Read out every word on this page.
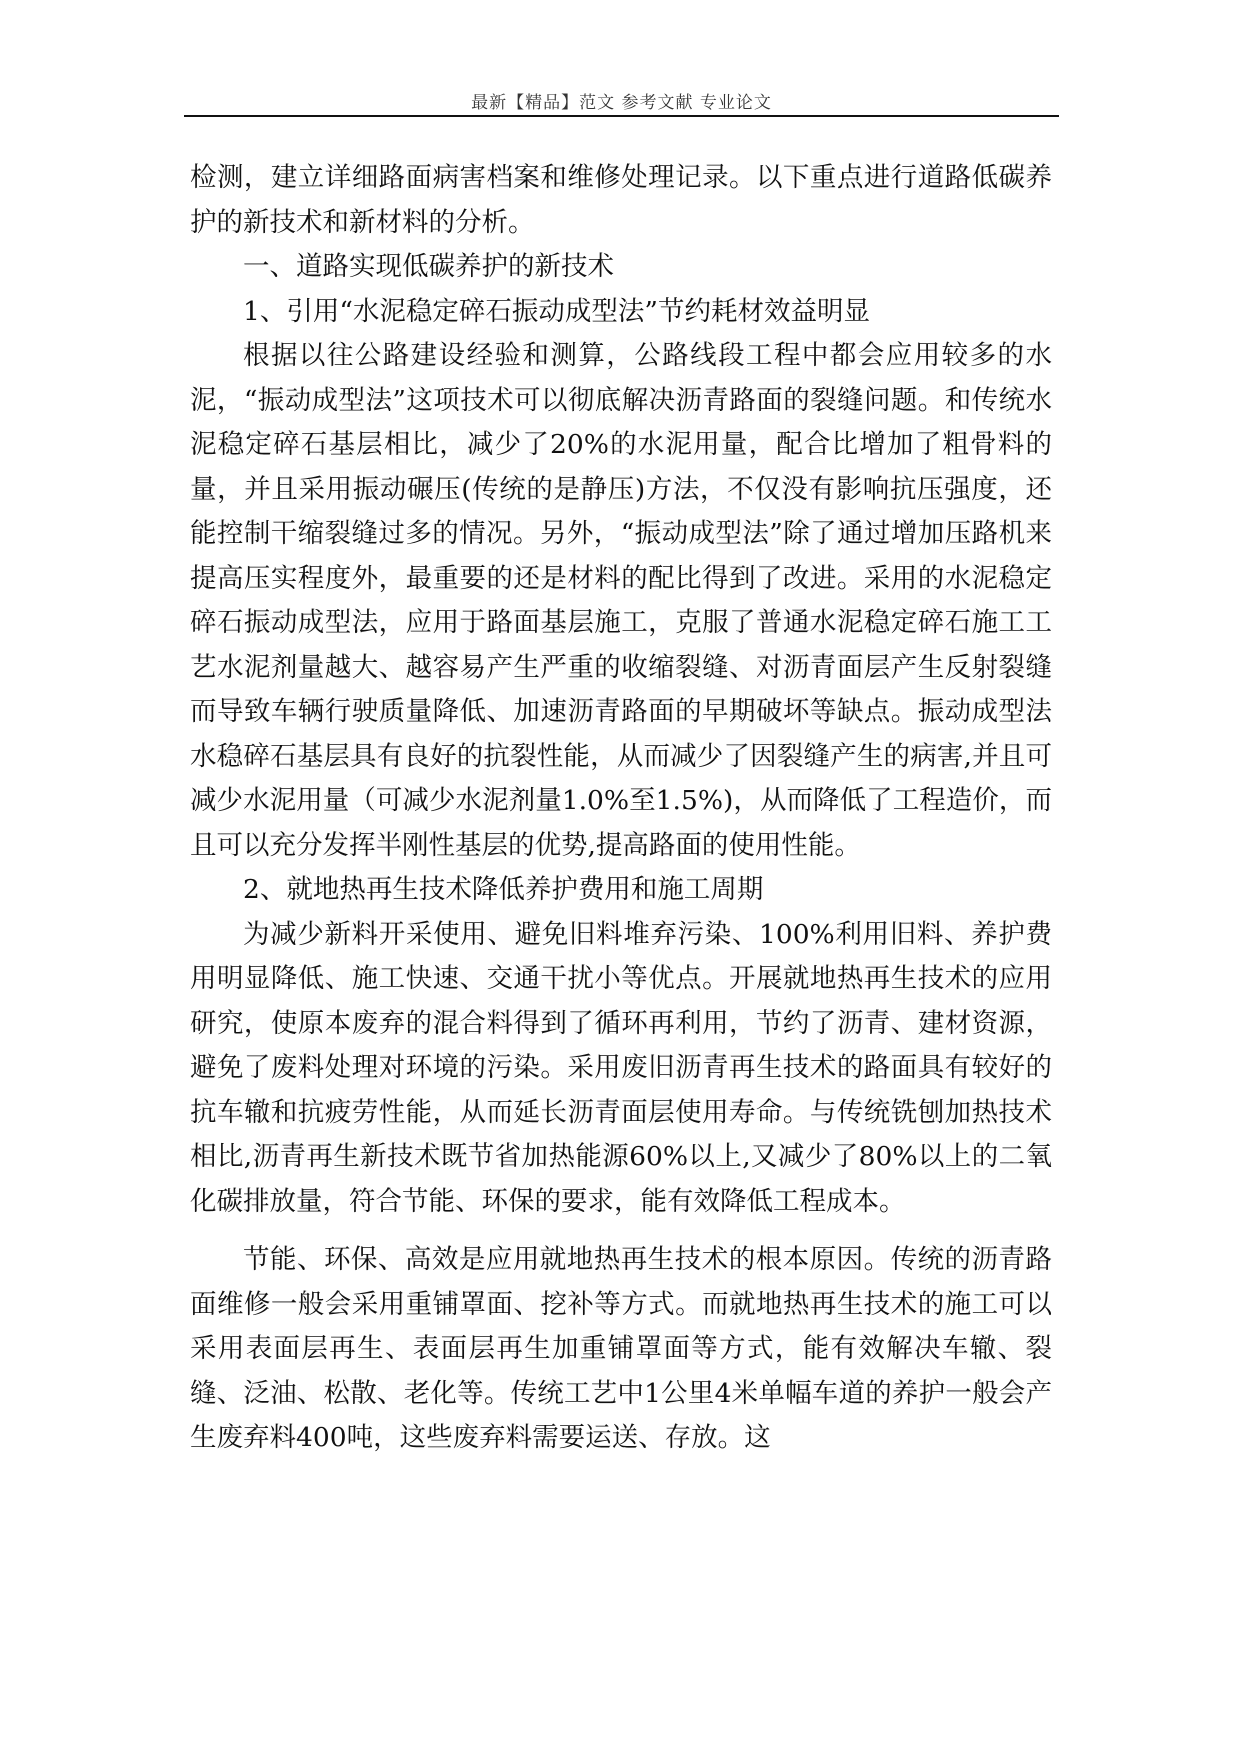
最新【精品】范文 参考文献 专业论文

检测，建立详细路面病害档案和维修处理记录。以下重点进行道路低碳养护的新技术和新材料的分析。

一、道路实现低碳养护的新技术

1、引用“水泥稳定碎石振动成型法”节约耗材效益明显

根据以往公路建设经验和测算，公路线段工程中都会应用较多的水泥，“振动成型法”这项技术可以彻底解决沥青路面的裂缝问题。和传统水泥稳定碎石基层相比，减少了20%的水泥用量，配合比增加了粗骨料的量，并且采用振动碾压(传统的是静压)方法，不仅没有影响抗压强度，还能控制干缩裂缝过多的情况。另外，“振动成型法”除了通过增加压路机来提高压实程度外，最重要的还是材料的配比得到了改进。采用的水泥稳定碎石振动成型法，应用于路面基层施工，克服了普通水泥稳定碎石施工工艺水泥剂量越大、越容易产生严重的收缩裂缝、对沥青面层产生反射裂缝而导致车辆行驶质量降低、加速沥青路面的早期破坏等缺点。振动成型法水稳碎石基层具有良好的抗裂性能，从而减少了因裂缝产生的病害,并且可减少水泥用量（可减少水泥剂量1.0%至1.5%)，从而降低了工程造价，而且可以充分发挥半刚性基层的优势,提高路面的使用性能。

2、就地热再生技术降低养护费用和施工周期

为减少新料开采使用、避免旧料堆弃污染、100%利用旧料、养护费用明显降低、施工快速、交通干扰小等优点。开展就地热再生技术的应用研究，使原本废弃的混合料得到了循环再利用，节约了沥青、建材资源，避免了废料处理对环境的污染。采用废旧沥青再生技术的路面具有较好的抗车辙和抗疲劳性能，从而延长沥青面层使用寿命。与传统铣刨加热技术相比,沥青再生新技术既节省加热能源60%以上,又减少了80%以上的二氧化碳排放量，符合节能、环保的要求，能有效降低工程成本。

节能、环保、高效是应用就地热再生技术的根本原因。传统的沥青路面维修一般会采用重铺罩面、挖补等方式。而就地热再生技术的施工可以采用表面层再生、表面层再生加重铺罩面等方式，能有效解决车辙、裂缝、泛油、松散、老化等。传统工艺中1公里4米单幅车道的养护一般会产生废弃料400吨，这些废弃料需要运送、存放。这
